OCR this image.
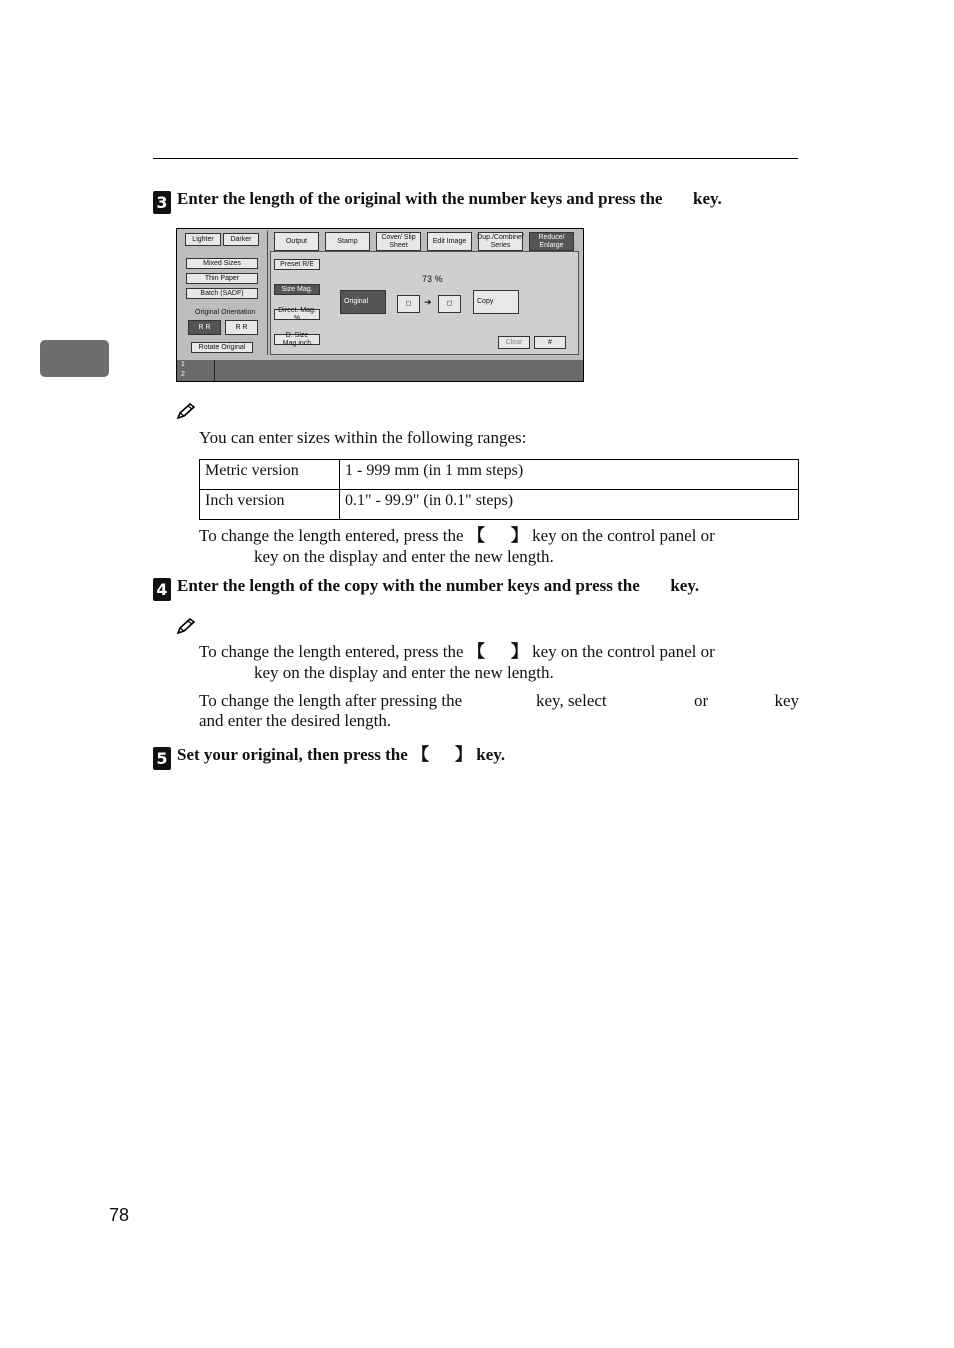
3 Enter the length of the original with the number keys and press the  key.
Lighter Darker
Mixed Sizes
Thin Paper
Batch (SADF)
Original Orientation
R R	R R
Rotate Original
Output	Stamp
Cover/ Slip Sheet
Edit Image
Dup./Combine/ Series
Reduce/ Enlarge
Preset R/E
Size Mag.
Direct. Mag. %
D. Size Mag.inch
73 %
Original	◻	➔	◻	Copy
Clear	#
1
2
You can enter sizes within the following ranges:
Metric version	1 - 999 mm (in 1 mm steps)
Inch version	0.1" - 99.9" (in 0.1" steps)
To change the length entered, press the 【 】 key on the control panel or
key on the display and enter the new length.
4 Enter the length of the copy with the number keys and press the  key.
To change the length entered, press the 【 】 key on the control panel or
key on the display and enter the new length.
To change the length after pressing the	key, select	or	key
and enter the desired length.
5 Set your original, then press the 【 】 key.
78
